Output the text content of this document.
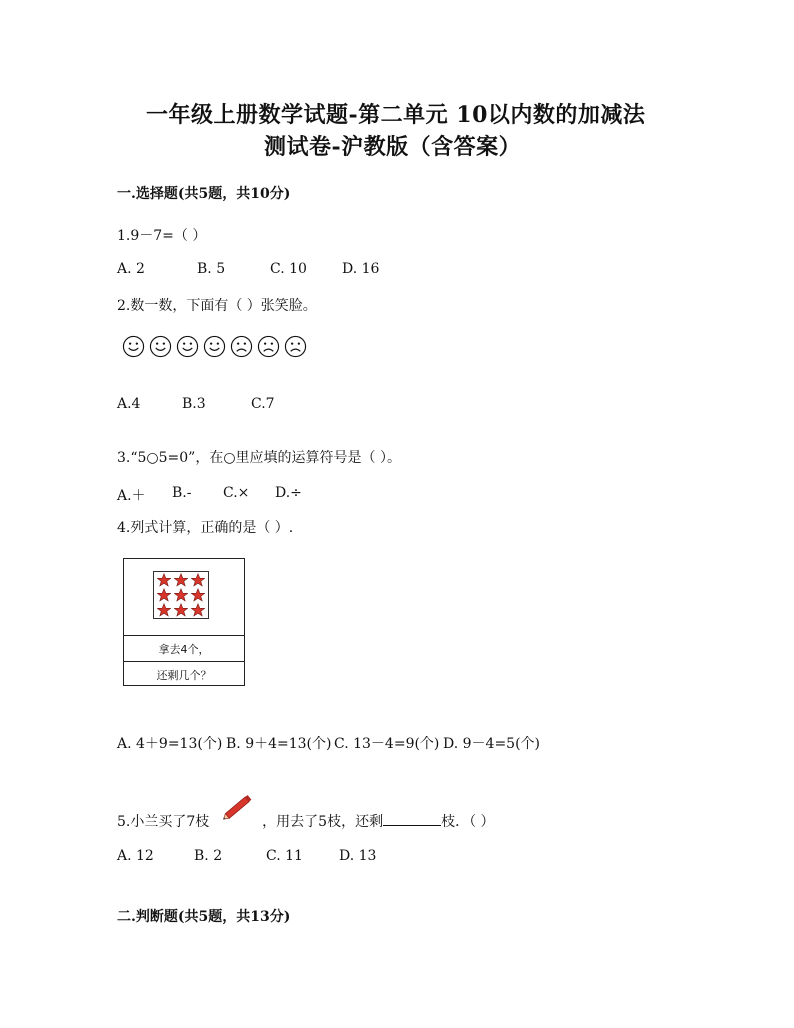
一年级上册数学试题-第二单元 10以内数的加减法
测试卷-沪教版（含答案）
一.选择题(共5题，共10分)
1.9－7=（ ）
A. 2	B. 5	C. 10	D. 16
2.数一数，下面有（ ）张笑脸。
A.4	B.3	C.7
3.“5○5=0”，在○里应填的运算符号是（ ）。
A.＋ B.- C.× D.÷
4.列式计算，正确的是（ ）.
拿去4个，
还剩几个？
A. 4＋9=13(个) B. 9＋4=13(个) C. 13－4=9(个) D. 9－4=5(个)
5.小兰买了7枝	，用去了5枝，还剩	枝．（ ）
A. 12	B. 2	C. 11	D. 13
二.判断题(共5题，共13分)
